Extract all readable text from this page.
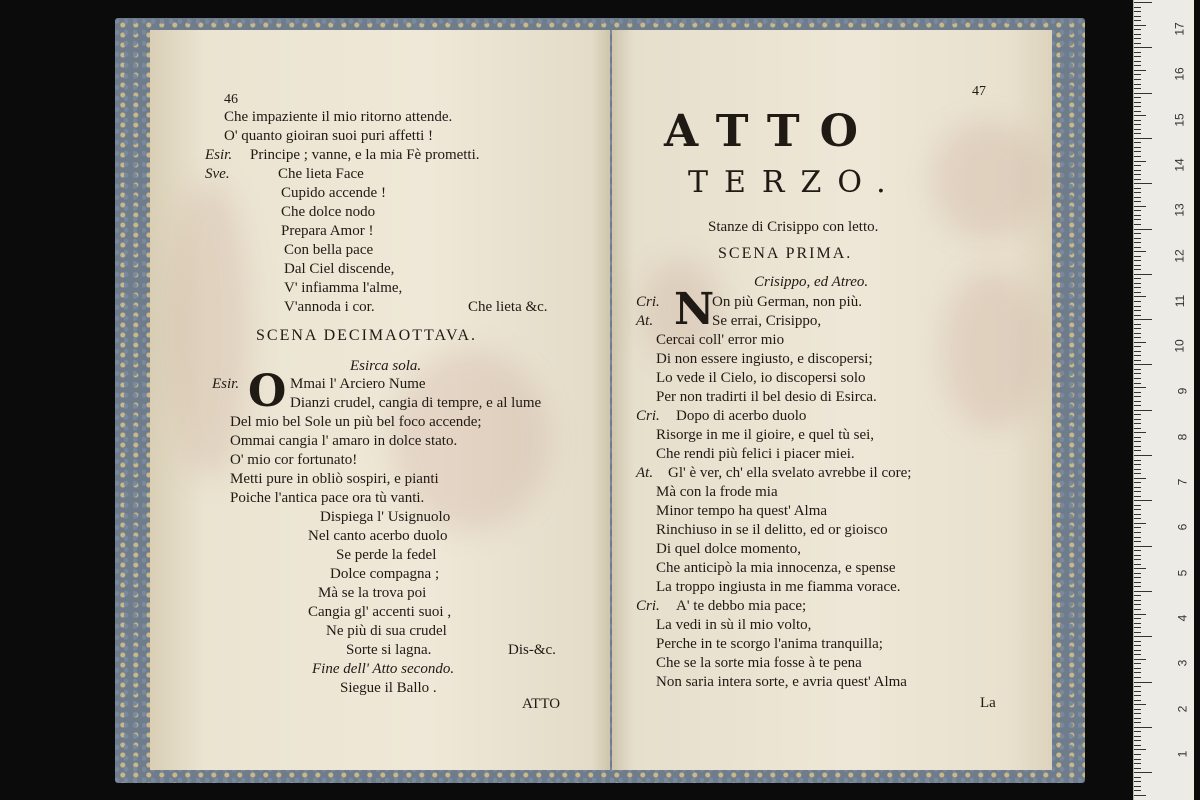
46
Che impaziente il mio ritorno attende.
O' quanto gioiran suoi puri affetti !
Esir. Principe ; vanne, e la mia Fè prometti.
Sve.	Che lieta Face
Cupido accende !
Che dolce nodo
Prepara Amor !
Con bella pace
Dal Ciel discende,
V' infiamma l'alme,
V'annoda i cor.	Che lieta &c.
SCENA DECIMAOTTAVA.
Esirca sola.
Esir. O Mmai l' Arciero Nume
Dianzi crudel, cangia di tempre, e al lume
Del mio bel Sole un più bel foco accende;
Ommai cangia l' amaro in dolce stato.
O' mio cor fortunato!
Metti pure in obliò sospiri, e pianti
Poiche l'antica pace ora tù vanti.
Dispiega l' Usignuolo
Nel canto acerbo duolo
Se perde la fedel
Dolce compagna ;
Mà se la trova poi
Cangia gl' accenti suoi ,
Ne più di sua crudel
Sorte si lagna.	Dis-&c.
Fine dell' Atto secondo.
Siegue il Ballo .
ATTO
47
ATTO
TERZO.
Stanze di Crisippo con letto.
SCENA PRIMA.
Crisippo, ed Atreo.
Cri.
At. N
On più German, non più.
Se errai, Crisippo,
Cercai coll' error mio
Di non essere ingiusto, e discopersi;
Lo vede il Cielo, io discopersi solo
Per non tradirti il bel desio di Esirca.
Cri. Dopo di acerbo duolo
Risorge in me il gioire, e quel tù sei,
Che rendi più felici i piacer miei.
At. Gl' è ver, ch' ella svelato avrebbe il core;
Mà con la frode mia
Minor tempo ha quest' Alma
Rinchiuso in se il delitto, ed or gioisco
Di quel dolce momento,
Che anticipò la mia innocenza, e spense
La troppo ingiusta in me fiamma vorace.
Cri. A' te debbo mia pace;
La vedi in sù il mio volto,
Perche in te scorgo l'anima tranquilla;
Che se la sorte mia fosse à te pena
Non saria intera sorte, e avria quest' Alma
La
17
16
15
14
13
12
11
10
9
8
7
6
5
4
3
2
1
